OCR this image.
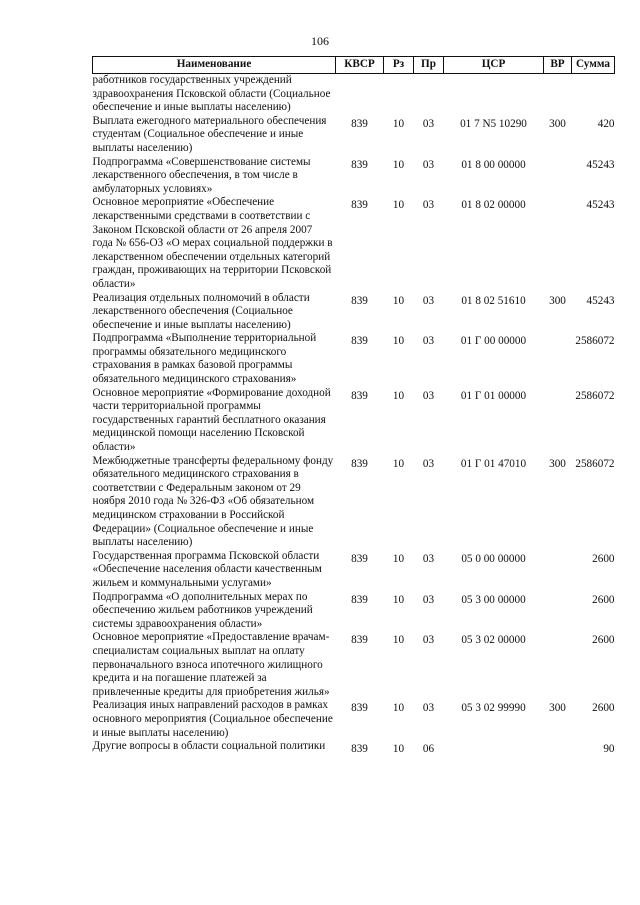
106
Наименование	КВСР	Рз	Пр	ЦСР	ВР	Сумма
работников государственных учреждений здравоохранения Псковской области (Социальное обеспечение и иные выплаты населению)						
Выплата ежегодного материального обеспечения студентам (Социальное обеспечение и иные выплаты населению)	839	10	03	01 7 N5 10290	300	420
Подпрограмма «Совершенствование системы лекарственного обеспечения, в том числе в амбулаторных условиях»	839	10	03	01 8 00 00000		45243
Основное мероприятие «Обеспечение лекарственными средствами в соответствии с Законом Псковской области от 26 апреля 2007 года № 656-ОЗ «О мерах социальной поддержки в лекарственном обеспечении отдельных категорий граждан, проживающих на территории Псковской области»	839	10	03	01 8 02 00000		45243
Реализация отдельных полномочий в области лекарственного обеспечения (Социальное обеспечение и иные выплаты населению)	839	10	03	01 8 02 51610	300	45243
Подпрограмма «Выполнение территориальной программы обязательного медицинского страхования в рамках базовой программы обязательного медицинского страхования»	839	10	03	01 Г 00 00000		2586072
Основное мероприятие «Формирование доходной части территориальной программы государственных гарантий бесплатного оказания медицинской помощи населению Псковской области»	839	10	03	01 Г 01 00000		2586072
Межбюджетные трансферты федеральному фонду обязательного медицинского страхования в соответствии с Федеральным законом от 29 ноября 2010 года № 326-ФЗ «Об обязательном медицинском страховании в Российской Федерации» (Социальное обеспечение и иные выплаты населению)	839	10	03	01 Г 01 47010	300	2586072
Государственная программа Псковской области «Обеспечение населения области качественным жильем и коммунальными услугами»	839	10	03	05 0 00 00000		2600
Подпрограмма «О дополнительных мерах по обеспечению жильем работников учреждений системы здравоохранения области»	839	10	03	05 3 00 00000		2600
Основное мероприятие «Предоставление врачам-специалистам социальных выплат на оплату первоначального взноса ипотечного жилищного кредита и на погашение платежей за привлеченные кредиты для приобретения жилья»	839	10	03	05 3 02 00000		2600
Реализация иных направлений расходов в рамках основного мероприятия (Социальное обеспечение и иные выплаты населению)	839	10	03	05 3 02 99990	300	2600
Другие вопросы в области социальной политики	839	10	06			90
